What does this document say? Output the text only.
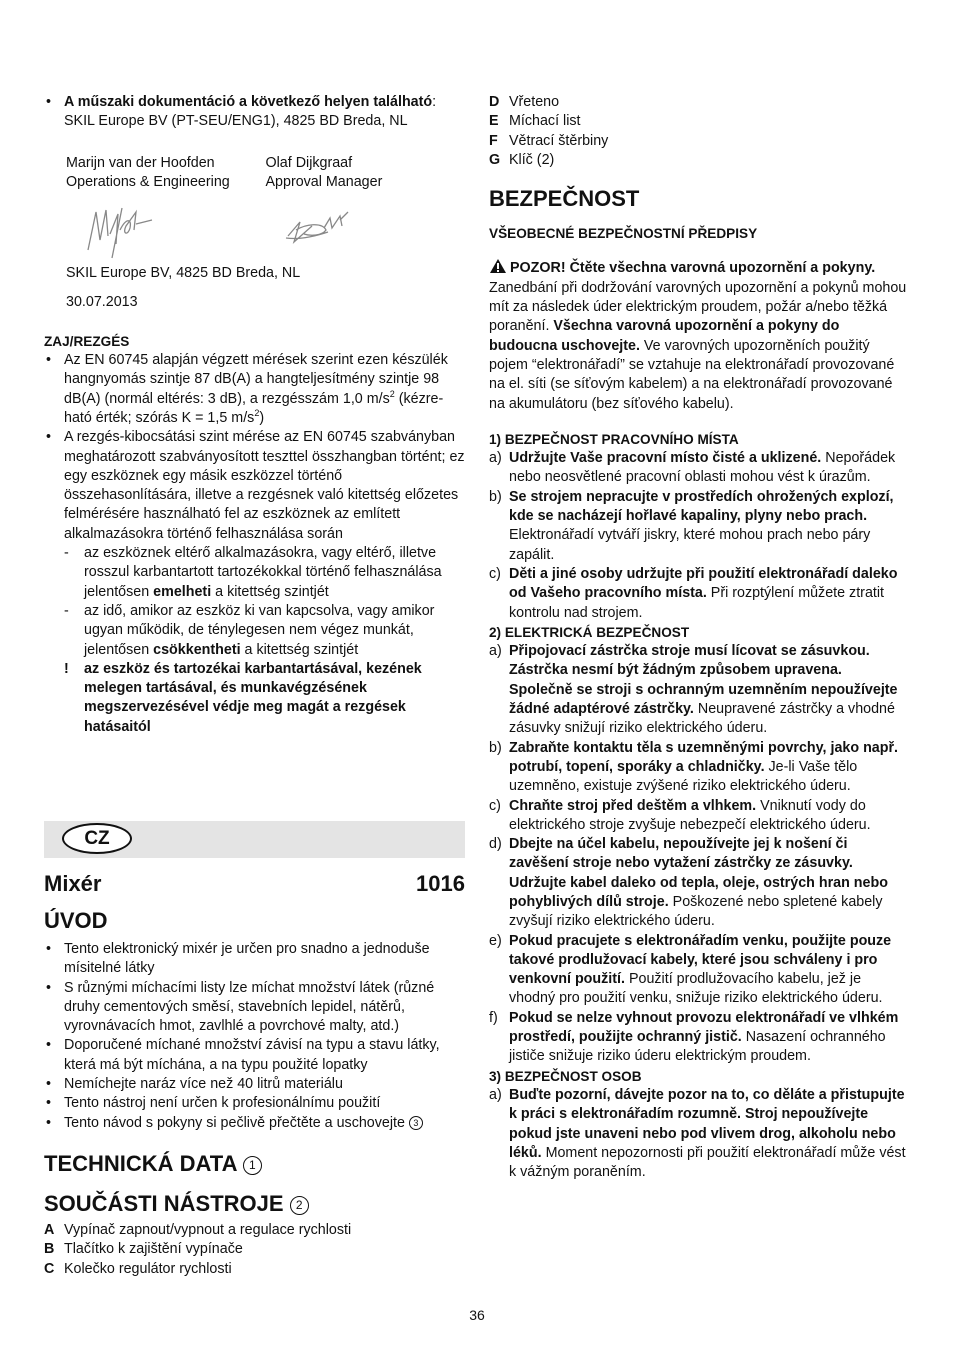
• A műszaki dokumentáció a következő helyen található: SKIL Europe BV (PT-SEU/ENG1), 4825 BD Breda, NL
Marijn van der Hoofden
Operations & Engineering
Olaf Dijkgraaf
Approval Manager
SKIL Europe BV, 4825 BD Breda, NL
30.07.2013
ZAJ/REZGÉS
• Az EN 60745 alapján végzett mérések szerint ezen készülék hangnyomás szintje 87 dB(A) a hangteljesítmény szintje 98 dB(A) (normál eltérés: 3 dB), a rezgésszám 1,0 $m/s^2$ (kézre-ható érték; szórás K = 1,5 $m/s^2$)
• A rezgés-kibocsátási szint mérése az EN 60745 szabványban meghatározott szabványosított teszttel összhangban történt; ez egy eszköznek egy másik eszközzel történő összehasonlítására, illetve a rezgésnek való kitettség előzetes felmérésére használható fel az eszköznek az említett alkalmazásokra történő felhasználása során
- az eszköznek eltérő alkalmazásokra, vagy eltérő, illetve rosszul karbantartott tartozékokkal történő felhasználása jelentősen emelheti a kitettség szintjét
- az idő, amikor az eszköz ki van kapcsolva, vagy amikor ugyan működik, de ténylegesen nem végez munkát, jelentősen csökkentheti a kitettség szintjét
! az eszköz és tartozékai karbantartásával, kezének melegen tartásával, és munkavégzésének megszervezésével védje meg magát a rezgések hatásaitól
CZ
Mixér	1016
ÚVOD
• Tento elektronický mixér je určen pro snadno a jednoduše mísitelné látky
• S různými míchacími listy lze míchat množství látek (různé druhy cementových směsí, stavebních lepidel, nátěrů, vyrovnávacích hmot, zavlhlé a povrchové malty, atd.)
• Doporučené míchané množství závisí na typu a stavu látky, která má být míchána, a na typu použité lopatky
• Nemíchejte naráz více než 40 litrů materiálu
• Tento nástroj není určen k profesionálnímu použití
• Tento návod s pokyny si pečlivě přečtěte a uschovejte 3
TECHNICKÁ DATA 1
SOUČÁSTI NÁSTROJE 2
A Vypínač zapnout/vypnout a regulace rychlosti
B Tlačítko k zajištění vypínače
C Kolečko regulátor rychlosti
D Vřeteno
E Míchací list
F Větrací štěrbiny
G Klíč (2)
BEZPEČNOST
VŠEOBECNÉ BEZPEČNOSTNÍ PŘEDPISY
POZOR! Čtěte všechna varovná upozornění a pokyny. Zanedbání při dodržování varovných upozornění a pokynů mohou mít za následek úder elektrickým proudem, požár a/nebo těžká poranění. Všechna varovná upozornění a pokyny do budoucna uschovejte. Ve varovných upozorněních použitý pojem “elektronářadí” se vztahuje na elektronářadí provozované na el. síti (se síťovým kabelem) a na elektronářadí provozované na akumulátoru (bez síťového kabelu).
1) BEZPEČNOST PRACOVNÍHO MÍSTA
a) Udržujte Vaše pracovní místo čisté a uklizené. Nepořádek nebo neosvětlené pracovní oblasti mohou vést k úrazům.
b) Se strojem nepracujte v prostředích ohrožených explozí, kde se nacházejí hořlavé kapaliny, plyny nebo prach. Elektronářadí vytváří jiskry, které mohou prach nebo páry zapálit.
c) Děti a jiné osoby udržujte při použití elektronářadí daleko od Vašeho pracovního místa. Při rozptýlení můžete ztratit kontrolu nad strojem.
2) ELEKTRICKÁ BEZPEČNOST
a) Připojovací zástrčka stroje musí lícovat se zásuvkou. Zástrčka nesmí být žádným způsobem upravena. Společně se stroji s ochranným uzemněním nepoužívejte žádné adaptérové zástrčky. Neupravené zástrčky a vhodné zásuvky snižují riziko elektrického úderu.
b) Zabraňte kontaktu těla s uzemněnými povrchy, jako např. potrubí, topení, sporáky a chladničky. Je-li Vaše tělo uzemněno, existuje zvýšené riziko elektrického úderu.
c) Chraňte stroj před deštěm a vlhkem. Vniknutí vody do elektrického stroje zvyšuje nebezpečí elektrického úderu.
d) Dbejte na účel kabelu, nepoužívejte jej k nošení či zavěšení stroje nebo vytažení zástrčky ze zásuvky. Udržujte kabel daleko od tepla, oleje, ostrých hran nebo pohyblivých dílů stroje. Poškozené nebo spletené kabely zvyšují riziko elektrického úderu.
e) Pokud pracujete s elektronářadím venku, použijte pouze takové prodlužovací kabely, které jsou schváleny i pro venkovní použití. Použití prodlužovacího kabelu, jež je vhodný pro použití venku, snižuje riziko elektrického úderu.
f) Pokud se nelze vyhnout provozu elektronářadí ve vlhkém prostředí, použijte ochranný jistič. Nasazení ochranného jističe snižuje riziko úderu elektrickým proudem.
3) BEZPEČNOST OSOB
a) Buďte pozorní, dávejte pozor na to, co děláte a přistupujte k práci s elektronářadím rozumně. Stroj nepoužívejte pokud jste unaveni nebo pod vlivem drog, alkoholu nebo léků. Moment nepozornosti při použití elektronářadí může vést k vážným poraněním.
36
